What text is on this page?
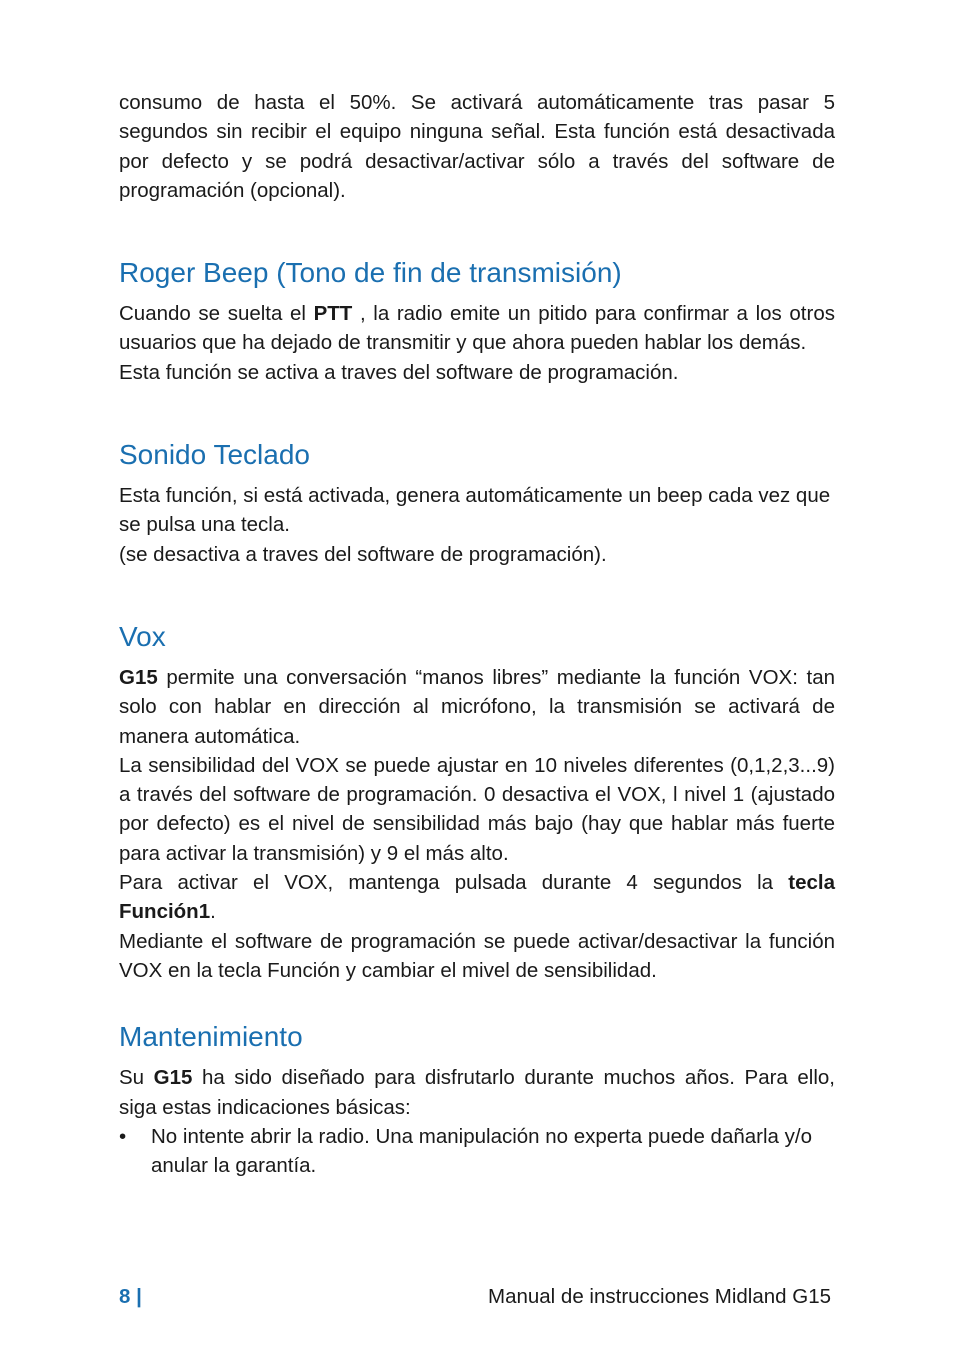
consumo de hasta el 50%. Se activará automáticamente tras pasar 5 segundos sin recibir el equipo ninguna señal. Esta función está desactivada por defecto y se podrá desactivar/activar sólo a través del software de programación (opcional).

Roger Beep (Tono de fin de transmisión)

Cuando se suelta el PTT , la radio emite un pitido para confirmar a los otros usuarios que ha dejado de transmitir y que ahora pueden hablar los demás.

Esta función se activa a traves del software de programación.

Sonido Teclado

Esta función, si está activada, genera automáticamente un beep cada vez que se pulsa una tecla.

(se desactiva a traves del software de programación).

Vox

G15 permite una conversación “manos libres” mediante la función VOX: tan solo con hablar en dirección al micrófono, la transmisión se activará de manera automática.

La sensibilidad del VOX se puede ajustar en 10 niveles diferentes (0,1,2,3...9) a través del software de programación. 0 desactiva el VOX, l nivel 1 (ajustado por defecto) es el nivel de sensibilidad más bajo (hay que hablar más fuerte para activar la transmisión) y 9 el más alto.

Para activar el VOX, mantenga pulsada durante 4 segundos la tecla Función1.

Mediante el software de programación se puede activar/desactivar la función VOX en la tecla Función y cambiar el mivel de sensibilidad.

Mantenimiento

Su G15 ha sido diseñado para disfrutarlo durante muchos años. Para ello, siga estas indicaciones básicas:

• No intente abrir la radio. Una manipulación no experta puede dañarla y/o anular la garantía.
8 |	Manual de instrucciones Midland G15
